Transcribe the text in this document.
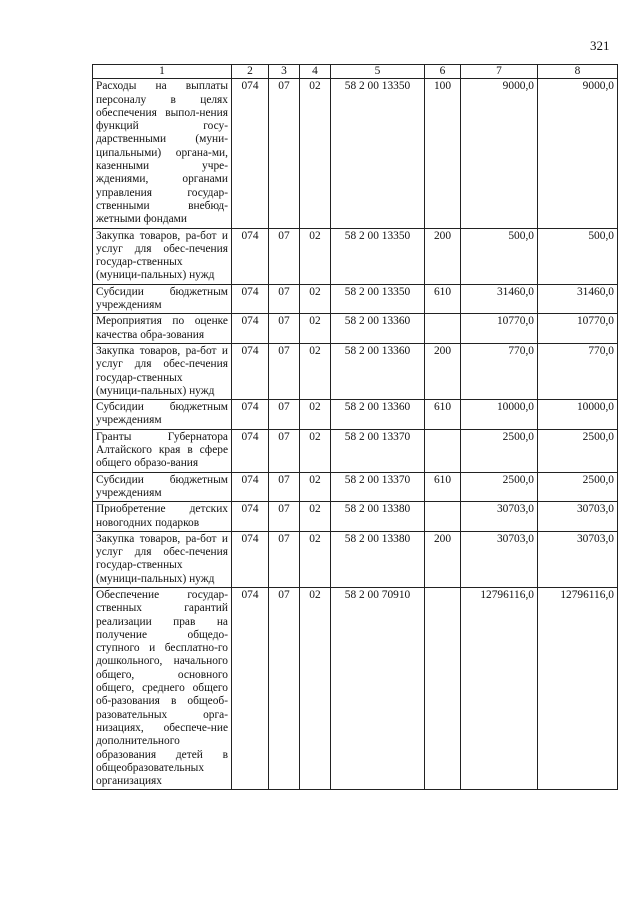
321
1	2	3	4	5	6	7	8
Расходы на выплаты персоналу в целях обеспечения выпол-нения функций госу-дарственными (муни-ципальными) органа-ми, казенными учре-ждениями, органами управления государ-ственными внебюд-жетными фондами	074	07	02	58 2 00 13350	100	9000,0	9000,0
Закупка товаров, ра-бот и услуг для обес-печения государ-ственных (муници-пальных) нужд	074	07	02	58 2 00 13350	200	500,0	500,0
Субсидии бюджетным учреждениям	074	07	02	58 2 00 13350	610	31460,0	31460,0
Мероприятия по оценке качества обра-зования	074	07	02	58 2 00 13360		10770,0	10770,0
Закупка товаров, ра-бот и услуг для обес-печения государ-ственных (муници-пальных) нужд	074	07	02	58 2 00 13360	200	770,0	770,0
Субсидии бюджетным учреждениям	074	07	02	58 2 00 13360	610	10000,0	10000,0
Гранты Губернатора Алтайского края в сфере общего образо-вания	074	07	02	58 2 00 13370		2500,0	2500,0
Субсидии бюджетным учреждениям	074	07	02	58 2 00 13370	610	2500,0	2500,0
Приобретение детских новогодних подарков	074	07	02	58 2 00 13380		30703,0	30703,0
Закупка товаров, ра-бот и услуг для обес-печения государ-ственных (муници-пальных) нужд	074	07	02	58 2 00 13380	200	30703,0	30703,0
Обеспечение государ-ственных гарантий реализации прав на получение общедо-ступного и бесплатно-го дошкольного, начального общего, основного общего, среднего общего об-разования в общеоб-разовательных орга-низациях, обеспече-ние дополнительного образования детей в общеобразовательных организациях	074	07	02	58 2 00 70910		12796116,0	12796116,0
